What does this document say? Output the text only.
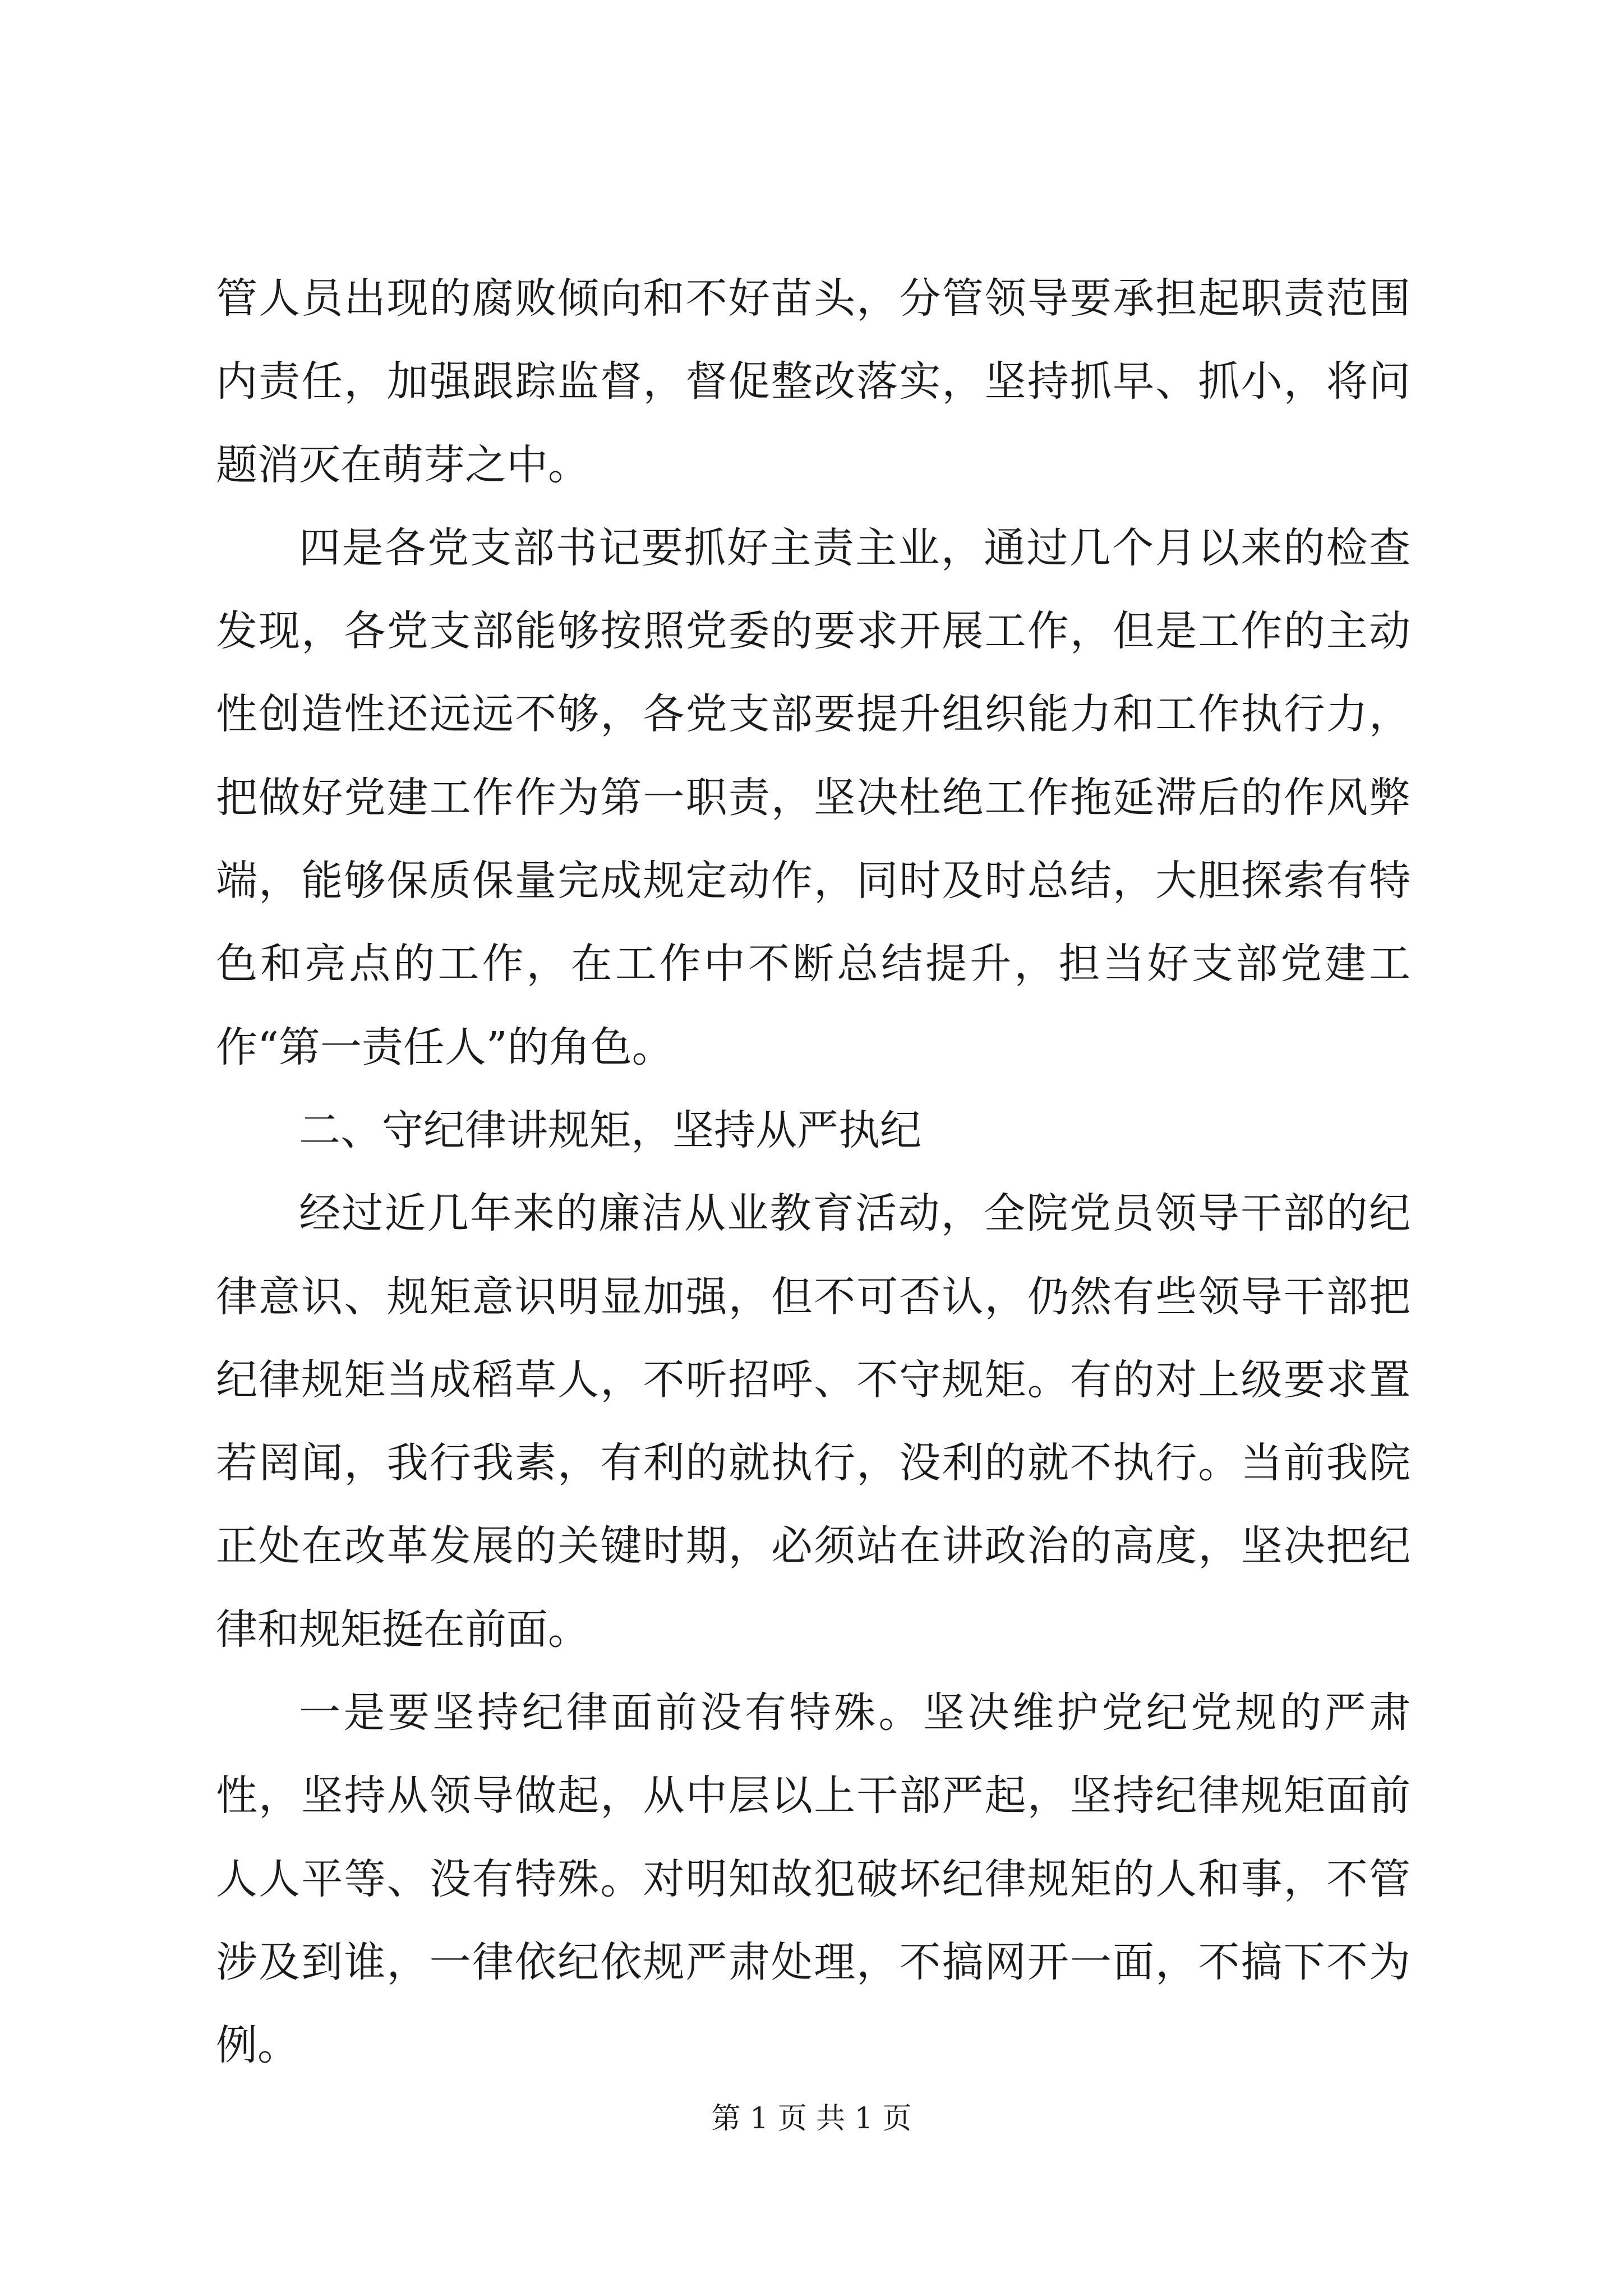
管人员出现的腐败倾向和不好苗头，分管领导要承担起职责范围内责任，加强跟踪监督，督促整改落实，坚持抓早、抓小，将问题消灭在萌芽之中。

四是各党支部书记要抓好主责主业，通过几个月以来的检查发现，各党支部能够按照党委的要求开展工作，但是工作的主动性创造性还远远不够，各党支部要提升组织能力和工作执行力，把做好党建工作作为第一职责，坚决杜绝工作拖延滞后的作风弊端，能够保质保量完成规定动作，同时及时总结，大胆探索有特色和亮点的工作，在工作中不断总结提升，担当好支部党建工作“第一责任人”的角色。

二、守纪律讲规矩，坚持从严执纪

经过近几年来的廉洁从业教育活动，全院党员领导干部的纪律意识、规矩意识明显加强，但不可否认，仍然有些领导干部把纪律规矩当成稻草人，不听招呼、不守规矩。有的对上级要求置若罔闻，我行我素，有利的就执行，没利的就不执行。当前我院正处在改革发展的关键时期，必须站在讲政治的高度，坚决把纪律和规矩挺在前面。

一是要坚持纪律面前没有特殊。坚决维护党纪党规的严肃性，坚持从领导做起，从中层以上干部严起，坚持纪律规矩面前人人平等、没有特殊。对明知故犯破坏纪律规矩的人和事，不管涉及到谁，一律依纪依规严肃处理，不搞网开一面，不搞下不为例。

第 1 页 共 1 页
